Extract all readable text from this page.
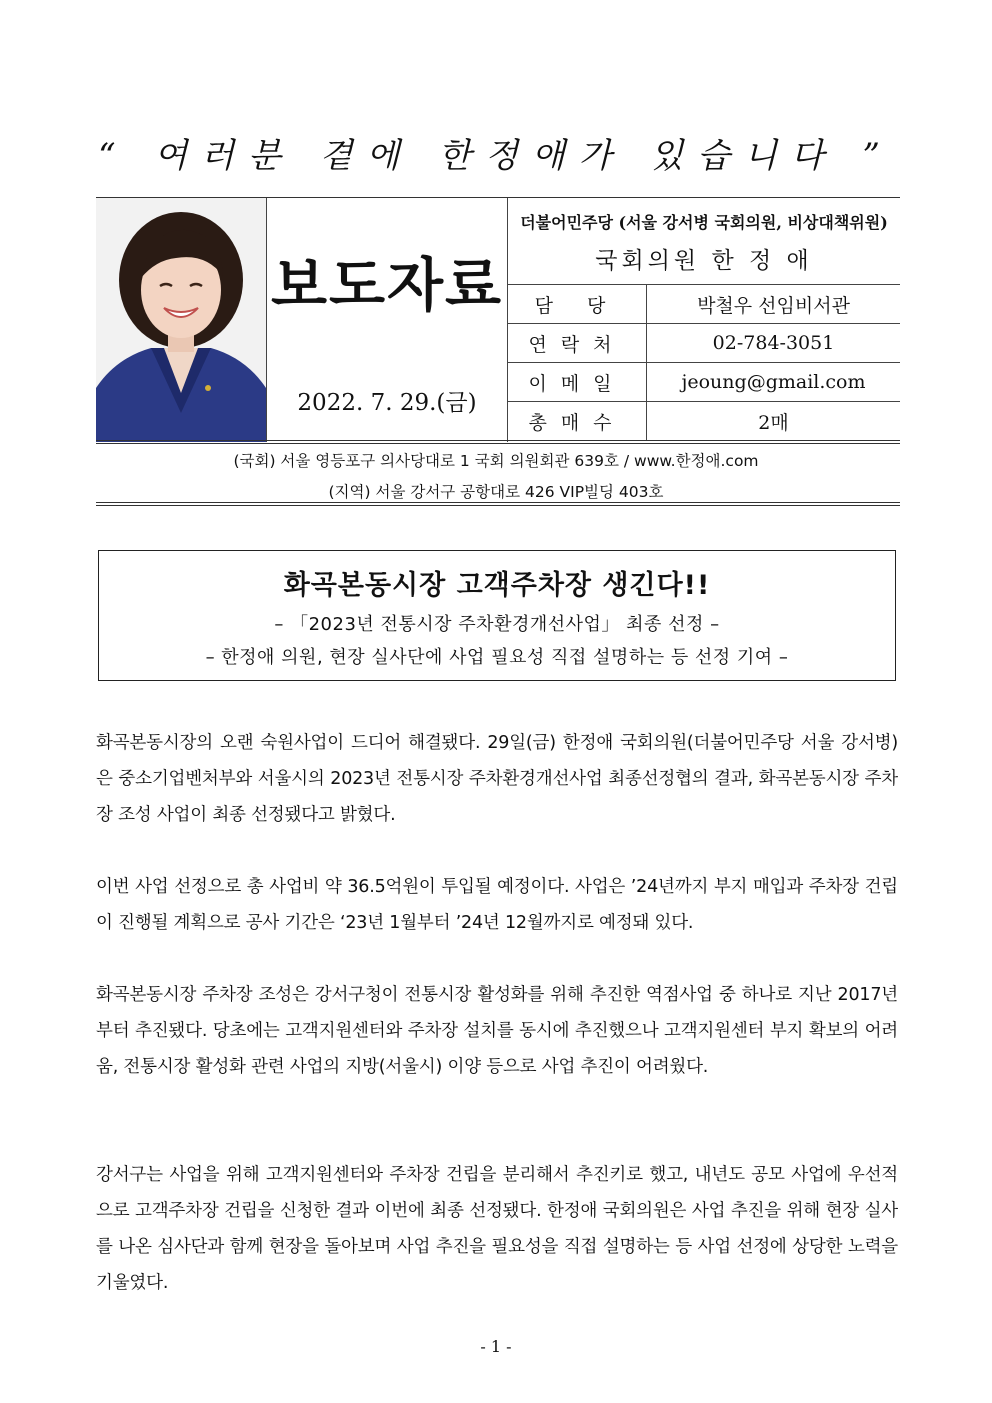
“ 여러분 곁에 한정애가 있습니다 ”
보도자료
2022. 7. 29.(금)
더불어민주당 (서울 강서병 국회의원, 비상대책위원)
국회의원 한 정 애
담 당	박철우 선임비서관
연락처	02-784-3051
이메일	jeoung@gmail.com
총매수	2매
(국회) 서울 영등포구 의사당대로 1 국회 의원회관 639호 / www.한정애.com
(지역) 서울 강서구 공항대로 426 VIP빌딩 403호
화곡본동시장 고객주차장 생긴다!!
– 「2023년 전통시장 주차환경개선사업」 최종 선정 –
– 한정애 의원, 현장 실사단에 사업 필요성 직접 설명하는 등 선정 기여 –
화곡본동시장의 오랜 숙원사업이 드디어 해결됐다. 29일(금) 한정애 국회의원(더불어민주당 서울 강서병)은 중소기업벤처부와 서울시의 2023년 전통시장 주차환경개선사업 최종선정협의 결과, 화곡본동시장 주차장 조성 사업이 최종 선정됐다고 밝혔다.
이번 사업 선정으로 총 사업비 약 36.5억원이 투입될 예정이다. 사업은 ’24년까지 부지 매입과 주차장 건립이 진행될 계획으로 공사 기간은 ‘23년 1월부터 ’24년 12월까지로 예정돼 있다.
화곡본동시장 주차장 조성은 강서구청이 전통시장 활성화를 위해 추진한 역점사업 중 하나로 지난 2017년부터 추진됐다. 당초에는 고객지원센터와 주차장 설치를 동시에 추진했으나 고객지원센터 부지 확보의 어려움, 전통시장 활성화 관련 사업의 지방(서울시) 이양 등으로 사업 추진이 어려웠다.
강서구는 사업을 위해 고객지원센터와 주차장 건립을 분리해서 추진키로 했고, 내년도 공모 사업에 우선적으로 고객주차장 건립을 신청한 결과 이번에 최종 선정됐다. 한정애 국회의원은 사업 추진을 위해 현장 실사를 나온 심사단과 함께 현장을 돌아보며 사업 추진을 필요성을 직접 설명하는 등 사업 선정에 상당한 노력을 기울였다.
- 1 -
